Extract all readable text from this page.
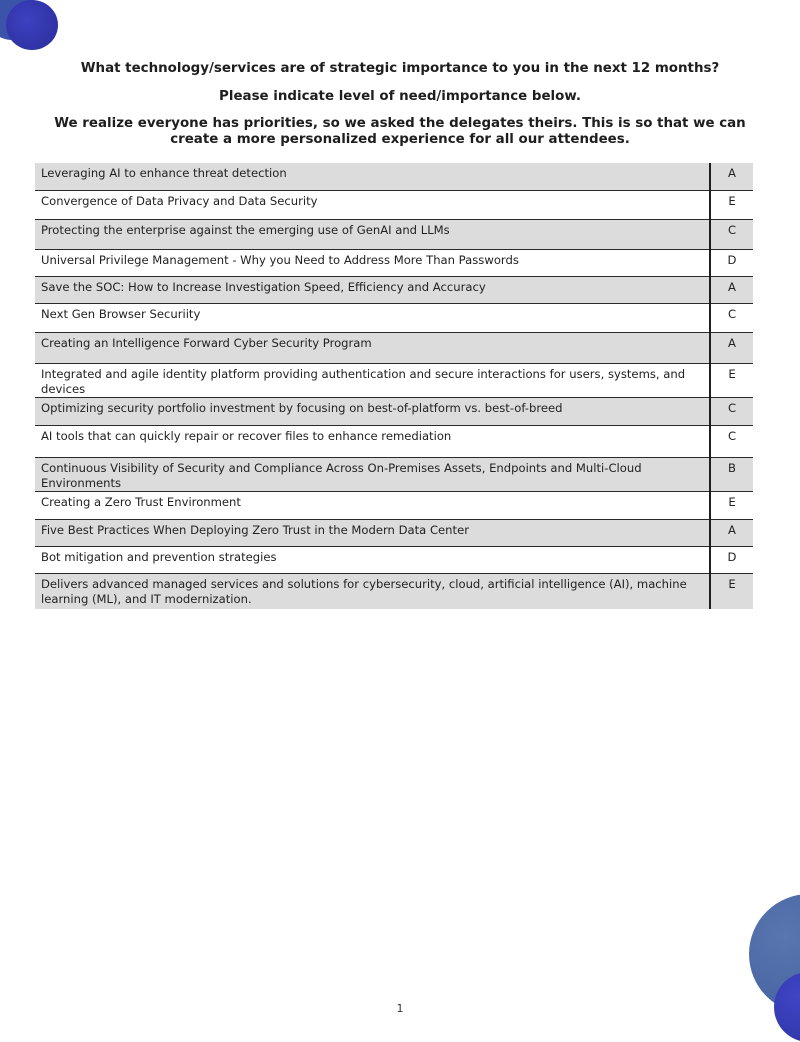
What technology/services are of strategic importance to you in the next 12 months?
Please indicate level of need/importance below.
We realize everyone has priorities, so we asked the delegates theirs. This is so that we can create a more personalized experience for all our attendees.
Leveraging AI to enhance threat detection	A
Convergence of Data Privacy and Data Security	E
Protecting the enterprise against the emerging use of GenAI and LLMs	C
Universal Privilege Management - Why you Need to Address More Than Passwords	D
Save the SOC: How to Increase Investigation Speed, Efficiency and Accuracy	A
Next Gen Browser Securiity	C
Creating an Intelligence Forward Cyber Security Program	A
Integrated and agile identity platform providing authentication and secure interactions for users, systems, and devices	E
Optimizing security portfolio investment by focusing on best-of-platform vs. best-of-breed	C
AI tools that can quickly repair or recover files to enhance remediation	C
Continuous Visibility of Security and Compliance Across On-Premises Assets, Endpoints and Multi-Cloud Environments	B
Creating a Zero Trust Environment	E
Five Best Practices When Deploying Zero Trust in the Modern Data Center	A
Bot mitigation and prevention strategies	D
Delivers advanced managed services and solutions for cybersecurity, cloud, artificial intelligence (AI), machine learning (ML), and IT modernization.	E
1
